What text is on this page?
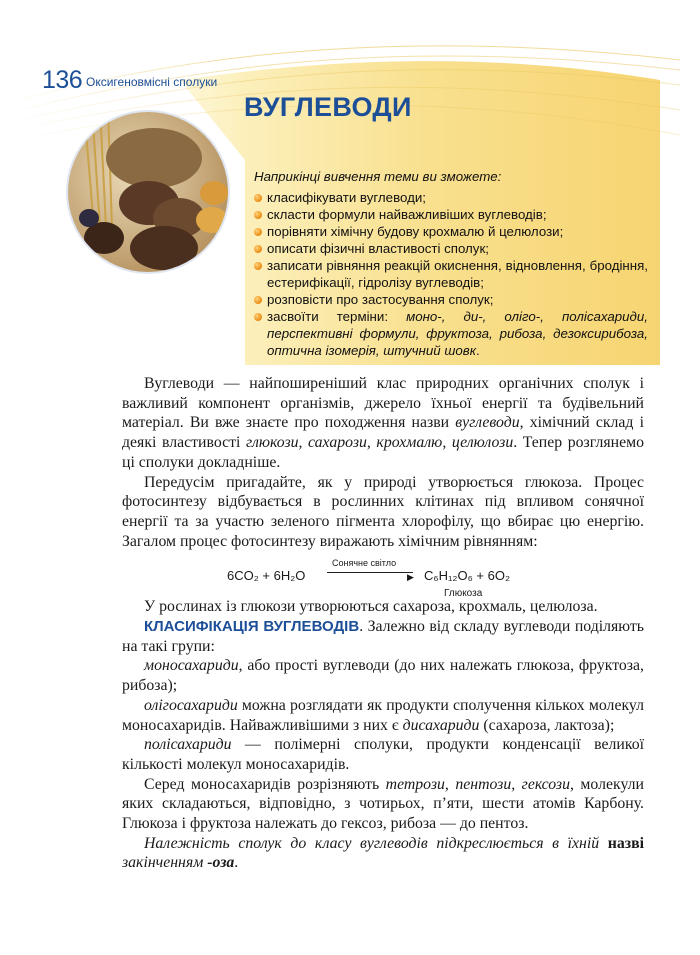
136 Оксигеновмісні сполуки
ВУГЛЕВОДИ
Наприкінці вивчення теми ви зможете:
класифікувати вуглеводи;
скласти формули найважливіших вуглеводів;
порівняти хімічну будову крохмалю й целюлози;
описати фізичні властивості сполук;
записати рівняння реакцій окиснення, відновлення, бродіння, естерифікації, гідролізу вуглеводів;
розповісти про застосування сполук;
засвоїти терміни: моно-, ди-, оліго-, полісахариди, перспективні формули, фруктоза, рибоза, дезоксирибоза, оптична ізомерія, штучний шовк.

Вуглеводи — найпоширеніший клас природних органічних сполук і важливий компонент організмів, джерело їхньої енергії та будівельний матеріал. Ви вже знаєте про походження назви вуглеводи, хімічний склад і деякі властивості глюкози, сахарози, крохмалю, целюлози. Тепер розглянемо ці сполуки докладніше.

Передусім пригадайте, як у природі утворюється глюкоза. Процес фотосинтезу відбувається в рослинних клітинах під впливом сонячної енергії та за участю зеленого пігмента хлорофілу, що вбирає цю енергію. Загалом процес фотосинтезу виражають хімічним рівнянням:

6CO₂ + 6H₂O
Сонячне світло
▶ C₆H₁₂O₆ + 6O₂
Глюкоза

У рослинах із глюкози утворюються сахароза, крохмаль, целюлоза.

КЛАСИФІКАЦІЯ ВУГЛЕВОДІВ. Залежно від складу вуглеводи поділяють на такі групи:

моносахариди, або прості вуглеводи (до них належать глюкоза, фруктоза, рибоза);

олігосахариди можна розглядати як продукти сполучення кількох молекул моносахаридів. Найважливішими з них є дисахариди (сахароза, лактоза);

полісахариди — полімерні сполуки, продукти конденсації великої кількості молекул моносахаридів.

Серед моносахаридів розрізняють тетрози, пентози, гексози, молекули яких складаються, відповідно, з чотирьох, п’яти, шести атомів Карбону. Глюкоза і фруктоза належать до гексоз, рибоза — до пентоз.

Належність сполук до класу вуглеводів підкреслюється в їхній назві закінченням -оза.
